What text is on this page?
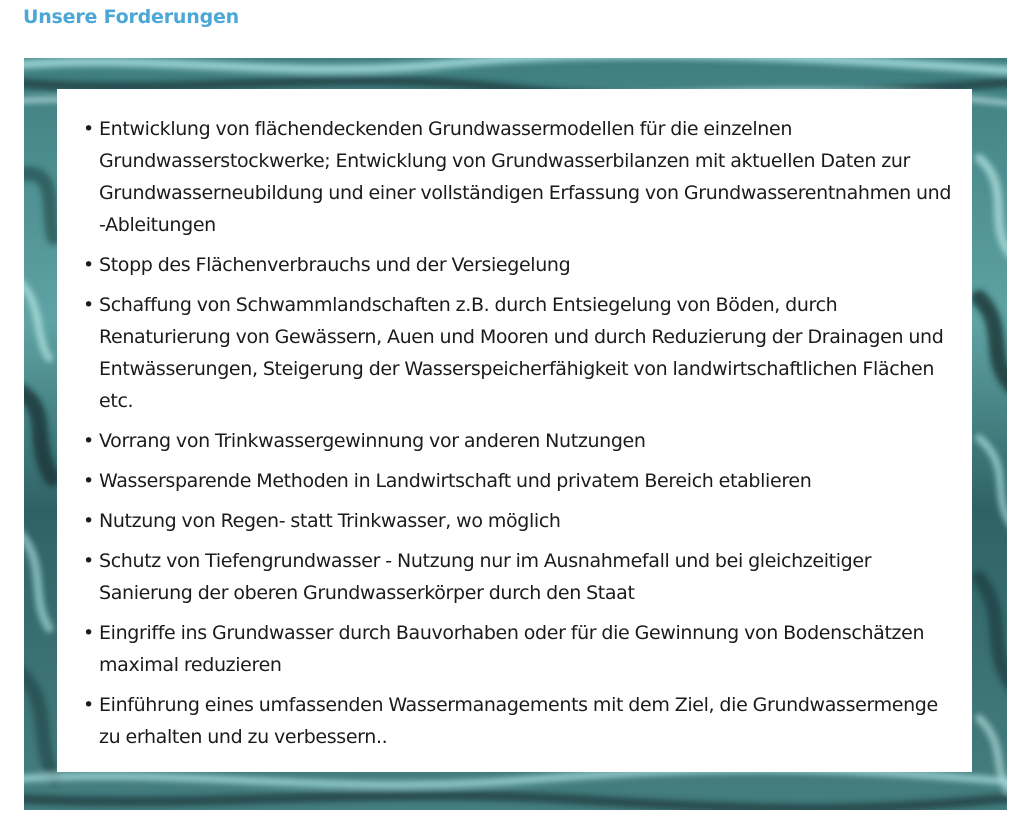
Unsere Forderungen
• Entwicklung von flächendeckenden Grundwassermodellen für die einzelnen Grundwasserstockwerke; Entwicklung von Grundwasserbilanzen mit aktuellen Daten zur Grundwasserneubildung und einer vollständigen Erfassung von Grundwasserentnahmen und -Ableitungen
• Stopp des Flächenverbrauchs und der Versiegelung
• Schaffung von Schwammlandschaften z.B. durch Entsiegelung von Böden, durch Renaturierung von Gewässern, Auen und Mooren und durch Reduzierung der Drainagen und Entwässerungen, Steigerung der Wasserspeicherfähigkeit von landwirtschaftlichen Flächen etc.
• Vorrang von Trinkwassergewinnung vor anderen Nutzungen
• Wassersparende Methoden in Landwirtschaft und privatem Bereich etablieren
• Nutzung von Regen- statt Trinkwasser, wo möglich
• Schutz von Tiefengrundwasser - Nutzung nur im Ausnahmefall und bei gleichzeitiger Sanierung der oberen Grundwasserkörper durch den Staat
• Eingriffe ins Grundwasser durch Bauvorhaben oder für die Gewinnung von Bodenschätzen maximal reduzieren
• Einführung eines umfassenden Wassermanagements mit dem Ziel, die Grundwassermenge zu erhalten und zu verbessern..
